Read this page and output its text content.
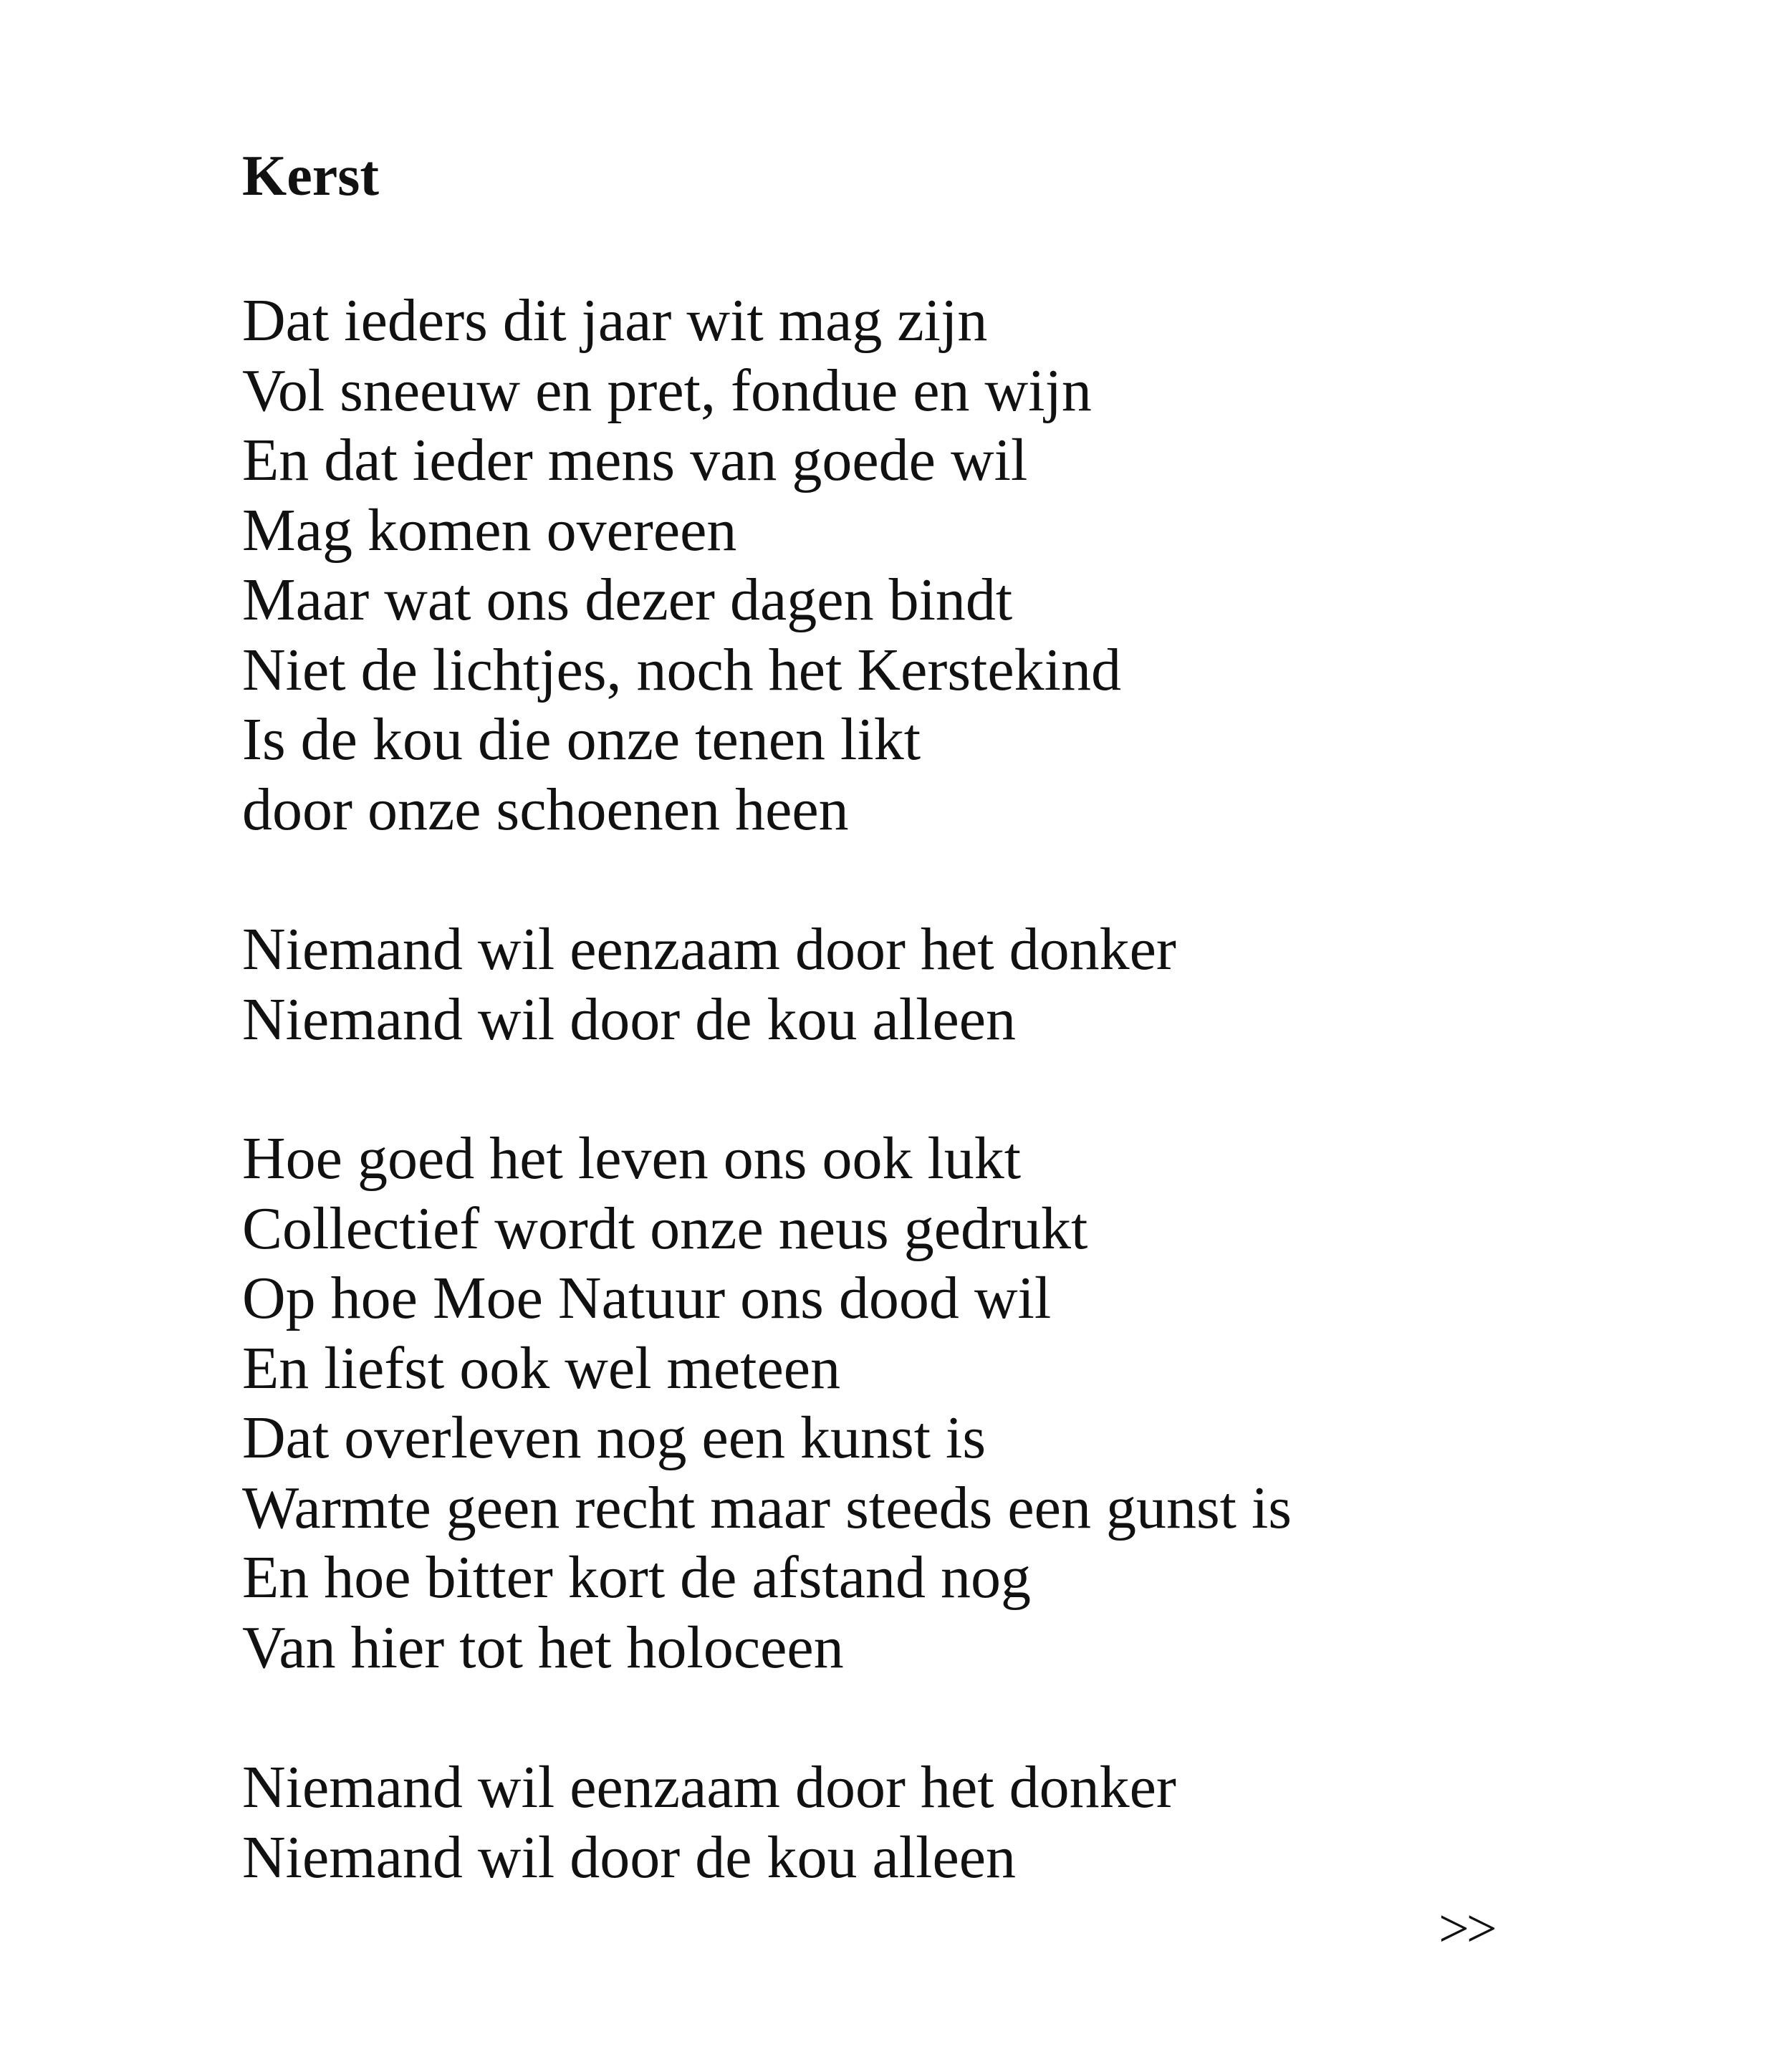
Kerst
Dat ieders dit jaar wit mag zijn
Vol sneeuw en pret, fondue en wijn
En dat ieder mens van goede wil
Mag komen overeen
Maar wat ons dezer dagen bindt
Niet de lichtjes, noch het Kerstekind
Is de kou die onze tenen likt
door onze schoenen heen
Niemand wil eenzaam door het donker
Niemand wil door de kou alleen
Hoe goed het leven ons ook lukt
Collectief wordt onze neus gedrukt
Op hoe Moe Natuur ons dood wil
En liefst ook wel meteen
Dat overleven nog een kunst is
Warmte geen recht maar steeds een gunst is
En hoe bitter kort de afstand nog
Van hier tot het holoceen
Niemand wil eenzaam door het donker
Niemand wil door de kou alleen
>>
